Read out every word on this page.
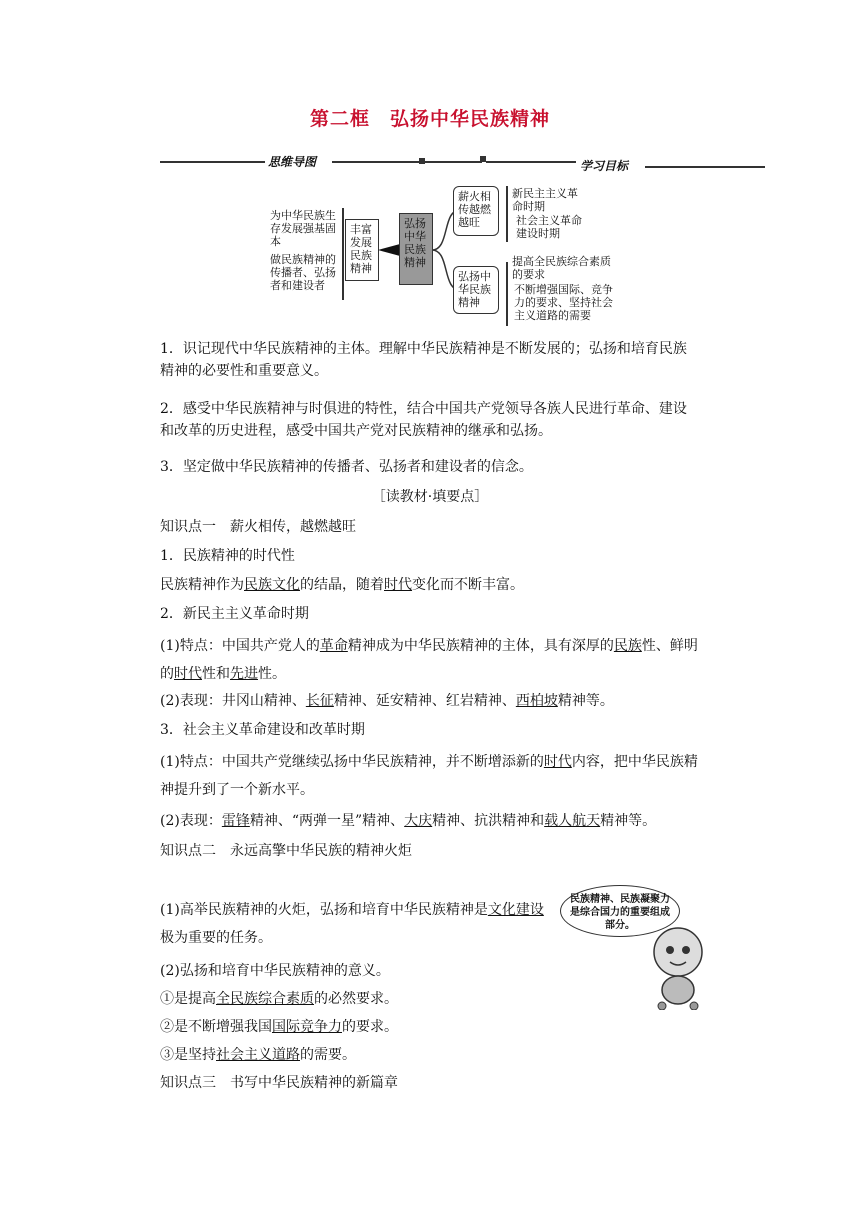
第二框　弘扬中华民族精神
思维导图	学习目标
为中华民族生存发展强基固本
做民族精神的传播者、弘扬者和建设者
丰富发展民族精神
弘扬中华民族精神
薪火相传越燃越旺
弘扬中华民族精神
新民主主义革命时期
社会主义革命建设时期
提高全民族综合素质的要求
不断增强国际、竞争力的要求、坚持社会主义道路的需要
1．识记现代中华民族精神的主体。理解中华民族精神是不断发展的；弘扬和培育民族精神的必要性和重要意义。
2．感受中华民族精神与时俱进的特性，结合中国共产党领导各族人民进行革命、建设和改革的历史进程，感受中国共产党对民族精神的继承和弘扬。
3．坚定做中华民族精神的传播者、弘扬者和建设者的信念。
［读教材·填要点］
知识点一　薪火相传，越燃越旺
1．民族精神的时代性
民族精神作为民族文化的结晶，随着时代变化而不断丰富。
2．新民主主义革命时期
(1)特点：中国共产党人的革命精神成为中华民族精神的主体，具有深厚的民族性、鲜明的时代性和先进性。
(2)表现：井冈山精神、长征精神、延安精神、红岩精神、西柏坡精神等。
3．社会主义革命建设和改革时期
(1)特点：中国共产党继续弘扬中华民族精神，并不断增添新的时代内容，把中华民族精神提升到了一个新水平。
(2)表现：雷锋精神、“两弹一星”精神、大庆精神、抗洪精神和载人航天精神等。
知识点二　永远高擎中华民族的精神火炬
(1)高举民族精神的火炬，弘扬和培育中华民族精神是文化建设极为重要的任务。
民族精神、民族凝聚力是综合国力的重要组成部分。
(2)弘扬和培育中华民族精神的意义。
①是提高全民族综合素质的必然要求。
②是不断增强我国国际竞争力的要求。
③是坚持社会主义道路的需要。
知识点三　书写中华民族精神的新篇章
